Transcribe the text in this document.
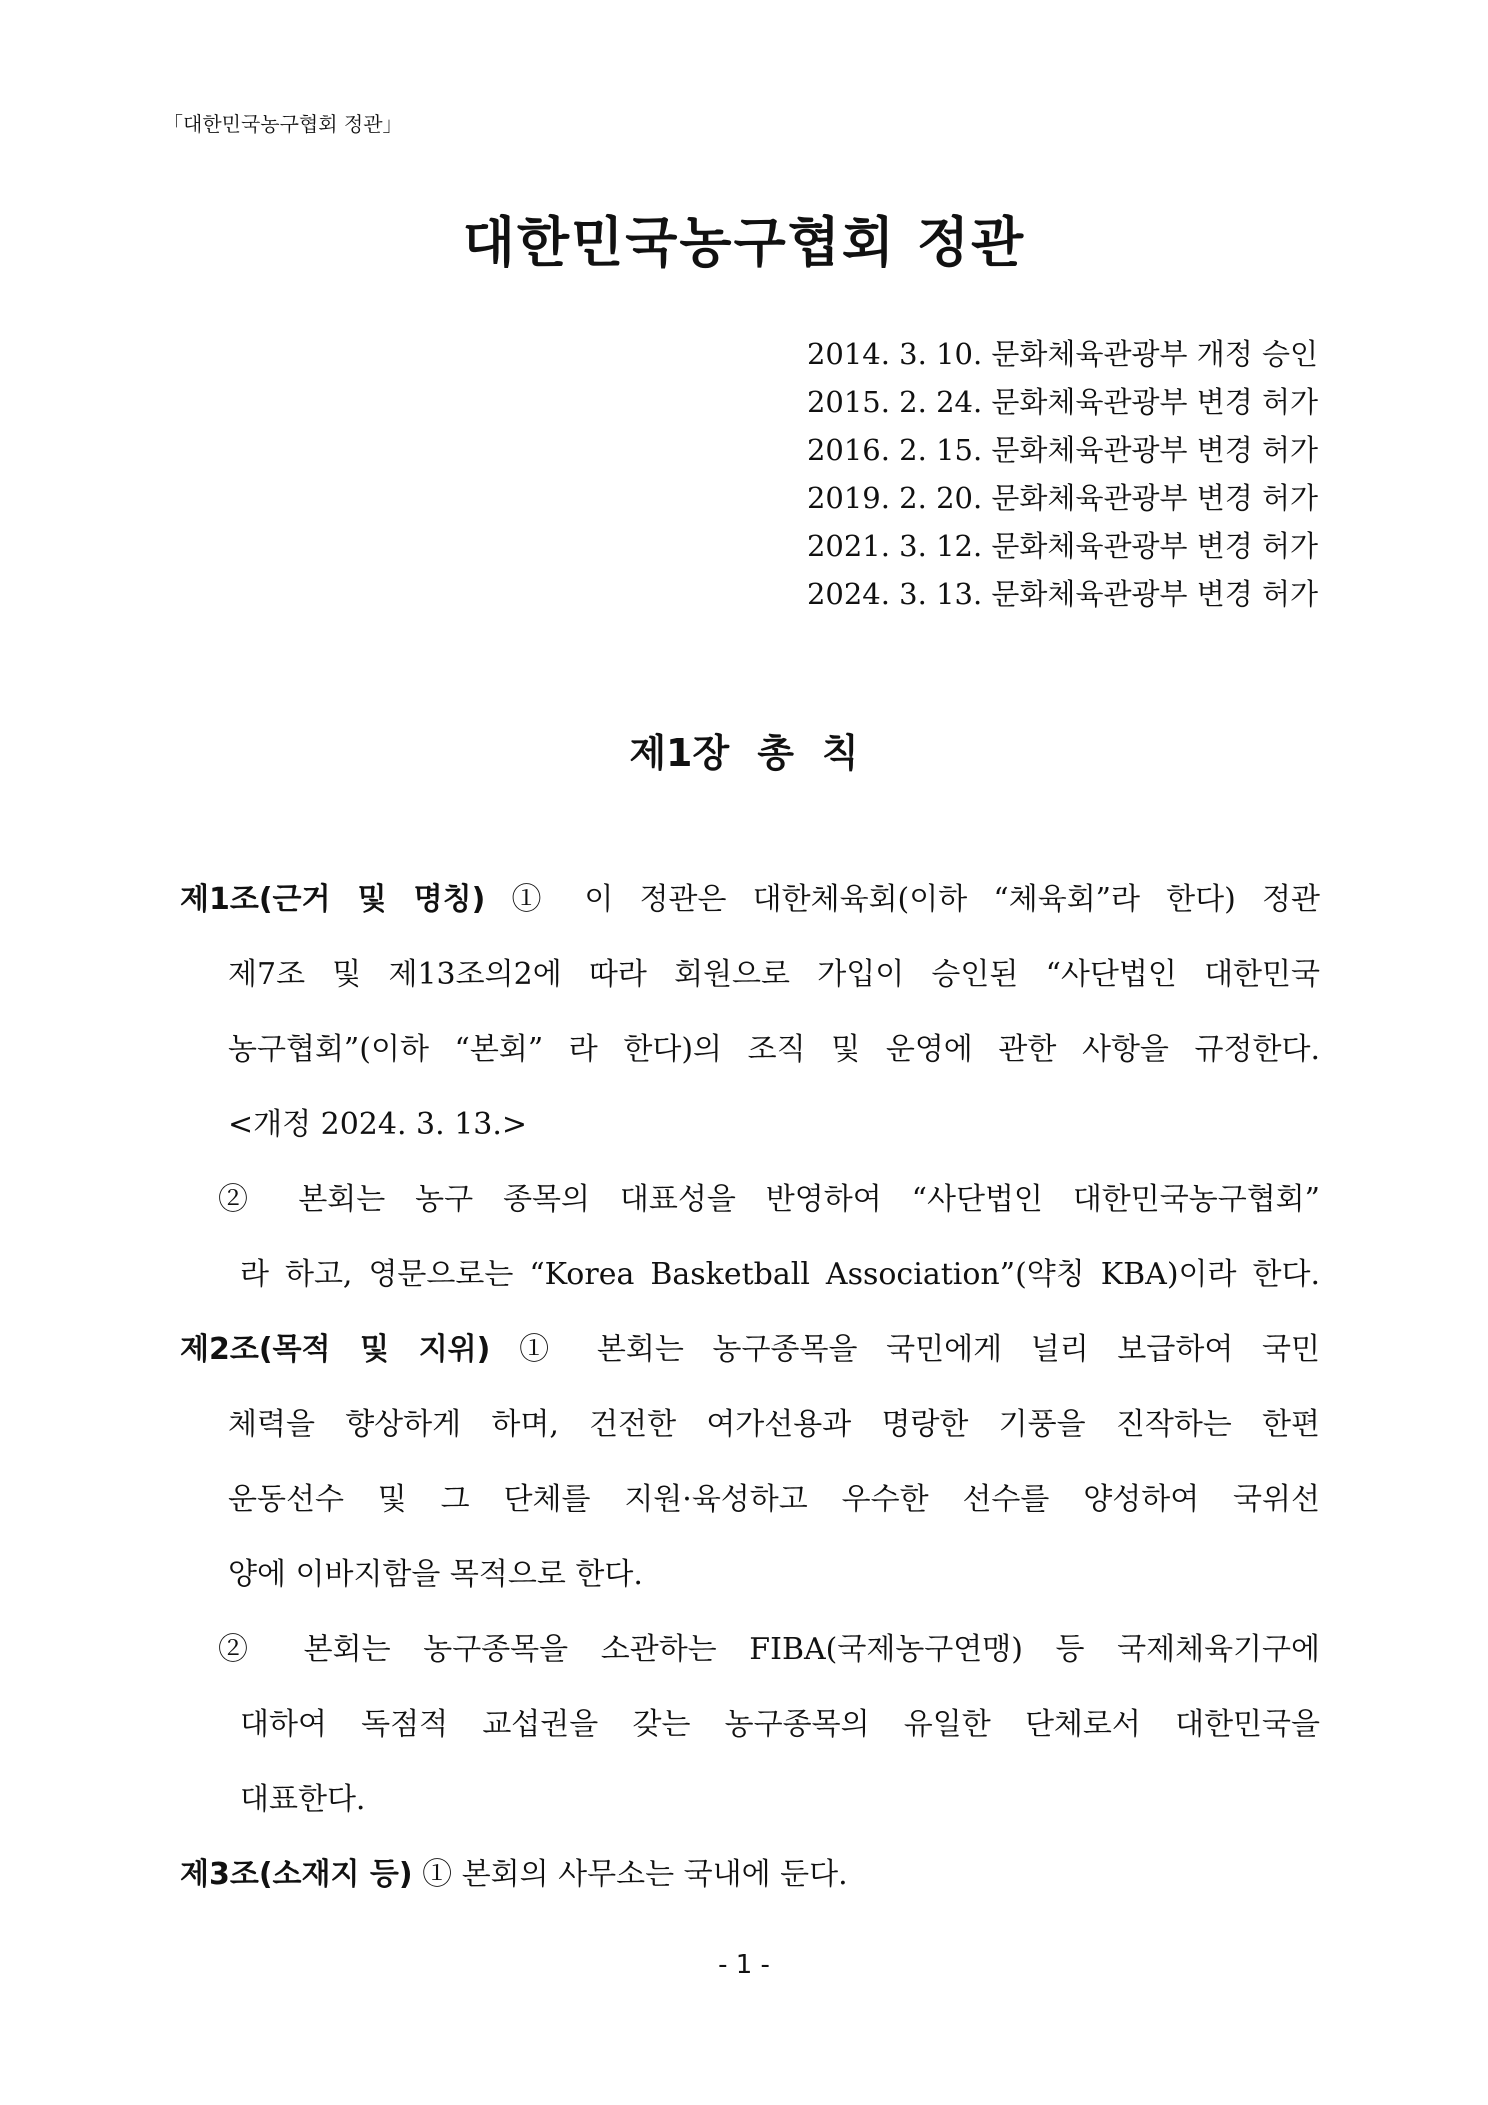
「대한민국농구협회 정관」
대한민국농구협회 정관
2014. 3. 10. 문화체육관광부 개정 승인
2015. 2. 24. 문화체육관광부 변경 허가
2016. 2. 15. 문화체육관광부 변경 허가
2019. 2. 20. 문화체육관광부 변경 허가
2021. 3. 12. 문화체육관광부 변경 허가
2024. 3. 13. 문화체육관광부 변경 허가
제1장 총 칙
제1조(근거 및 명칭) ① 이 정관은 대한체육회(이하 “체육회”라 한다) 정관
제7조 및 제13조의2에 따라 회원으로 가입이 승인된 “사단법인 대한민국
농구협회”(이하 “본회” 라 한다)의 조직 및 운영에 관한 사항을 규정한다.
<개정 2024. 3. 13.>
② 본회는 농구 종목의 대표성을 반영하여 “사단법인 대한민국농구협회”
라 하고, 영문으로는 “Korea Basketball Association”(약칭 KBA)이라 한다.
제2조(목적 및 지위) ① 본회는 농구종목을 국민에게 널리 보급하여 국민
체력을 향상하게 하며, 건전한 여가선용과 명랑한 기풍을 진작하는 한편
운동선수 및 그 단체를 지원·육성하고 우수한 선수를 양성하여 국위선
양에 이바지함을 목적으로 한다.
② 본회는 농구종목을 소관하는 FIBA(국제농구연맹) 등 국제체육기구에
대하여 독점적 교섭권을 갖는 농구종목의 유일한 단체로서 대한민국을
대표한다.
제3조(소재지 등) ① 본회의 사무소는 국내에 둔다.
- 1 -
